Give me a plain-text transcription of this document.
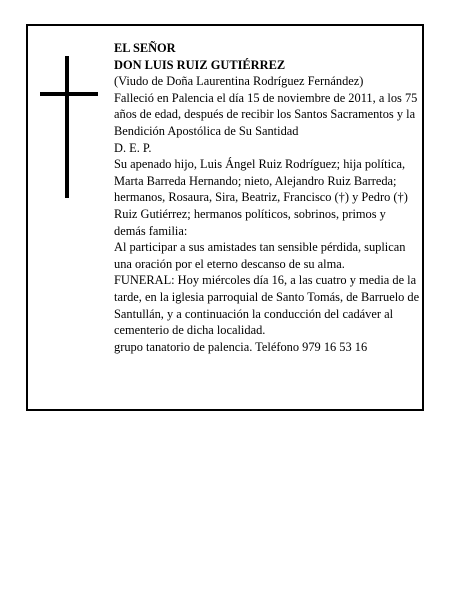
EL SEÑOR

DON LUIS RUIZ GUTIÉRREZ

(Viudo de Doña Laurentina Rodríguez Fernández)

Falleció en Palencia el día 15 de noviembre de 2011, a los 75 años de edad, después de recibir los Santos Sacramentos y la Bendición Apostólica de Su Santidad

D. E. P.

Su apenado hijo, Luis Ángel Ruiz Rodríguez; hija política, Marta Barreda Hernando; nieto, Alejandro Ruiz Barreda; hermanos, Rosaura, Sira, Beatriz, Francisco (†) y Pedro (†) Ruiz Gutiérrez; hermanos políticos, sobrinos, primos y demás familia:

Al participar a sus amistades tan sensible pérdida, suplican una oración por el eterno descanso de su alma.

FUNERAL: Hoy miércoles día 16, a las cuatro y media de la tarde, en la iglesia parroquial de Santo Tomás, de Barruelo de Santullán, y a continuación la conducción del cadáver al cementerio de dicha localidad.

grupo tanatorio de palencia. Teléfono 979 16 53 16
